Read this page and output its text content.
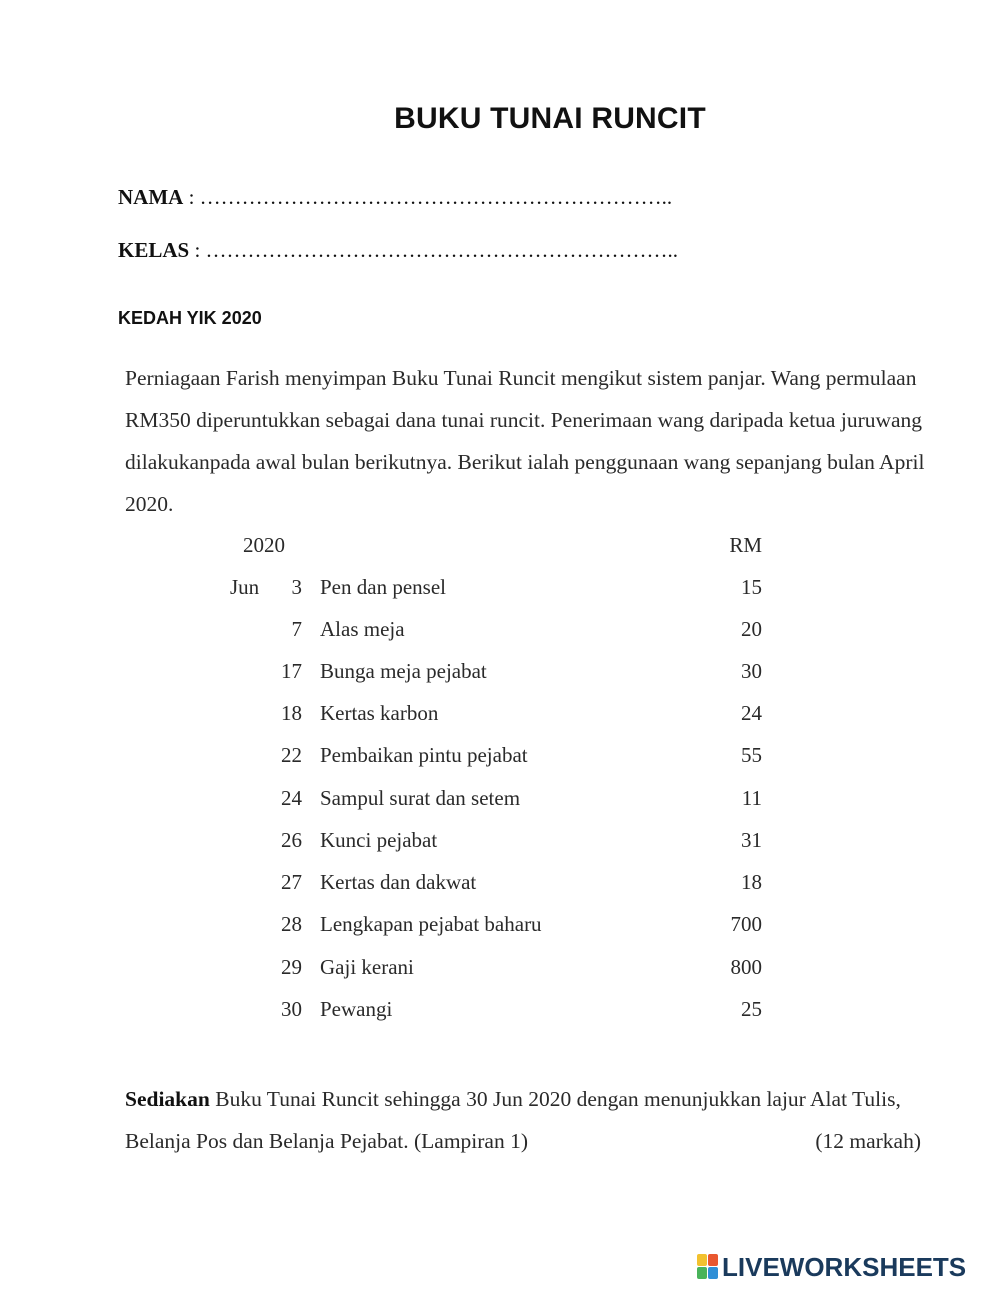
BUKU TUNAI RUNCIT
NAMA : …………………………………………………………..
KELAS : …………………………………………………………..
KEDAH YIK 2020
Perniagaan Farish menyimpan Buku Tunai Runcit mengikut sistem panjar. Wang permulaan
RM350 diperuntukkan sebagai dana tunai runcit. Penerimaan wang daripada ketua juruwang
dilakukanpada awal bulan berikutnya. Berikut ialah penggunaan wang sepanjang bulan April
2020.
2020	RM
Jun	3 Pen dan pensel	15
7 Alas meja	20
17 Bunga meja pejabat	30
18 Kertas karbon	24
22 Pembaikan pintu pejabat	55
24 Sampul surat dan setem	11
26 Kunci pejabat	31
27 Kertas dan dakwat	18
28 Lengkapan pejabat baharu	700
29 Gaji kerani	800
30 Pewangi	25
Sediakan Buku Tunai Runcit sehingga 30 Jun 2020 dengan menunjukkan lajur Alat Tulis,
Belanja Pos dan Belanja Pejabat. (Lampiran 1)	(12 markah)
LIVEWORKSHEETS
